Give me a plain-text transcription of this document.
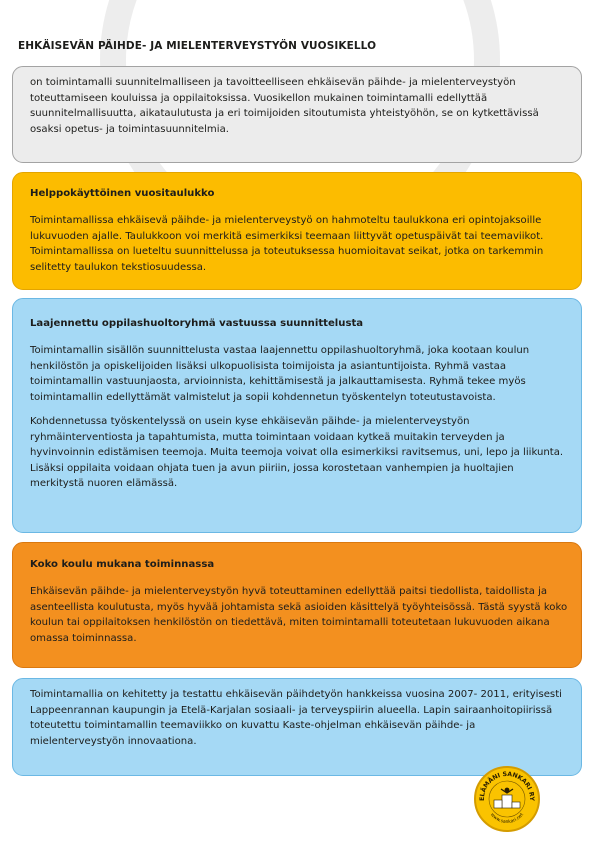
EHKÄISEVÄN PÄIHDE- JA MIELENTERVEYSTYÖN VUOSIKELLO

on toimintamalli suunnitelmalliseen ja tavoitteelliseen ehkäisevän päihde- ja mielenterveystyön toteuttamiseen kouluissa ja oppilaitoksissa. Vuosikellon mukainen toimintamalli edellyttää suunnitelmallisuutta, aikataulutusta ja eri toimijoiden sitoutumista yhteistyöhön, se on kytkettävissä osaksi opetus- ja toimintasuunnitelmia.

Helppokäyttöinen vuositaulukko

Toimintamallissa ehkäisevä päihde- ja mielenterveystyö on hahmoteltu taulukkona eri opintojaksoille lukuvuoden ajalle. Taulukkoon voi merkitä esimerkiksi teemaan liittyvät opetuspäivät tai teemaviikot. Toimintamallissa on lueteltu suunnittelussa ja toteutuksessa huomioitavat seikat, jotka on tarkemmin selitetty taulukon tekstiosuudessa.

Laajennettu oppilashuoltoryhmä vastuussa suunnittelusta

Toimintamallin sisällön suunnittelusta vastaa laajennettu oppilashuoltoryhmä, joka kootaan koulun henkilöstön ja opiskelijoiden lisäksi ulkopuolisista toimijoista ja asiantuntijoista. Ryhmä vastaa toimintamallin vastuunjaosta, arvioinnista, kehittämisestä ja jalkauttamisesta. Ryhmä tekee myös toimintamallin edellyttämät valmistelut ja sopii kohdennetun työskentelyn toteutustavoista.

Kohdennetussa työskentelyssä on usein kyse ehkäisevän päihde- ja mielenterveystyön ryhmäinterventiosta ja tapahtumista, mutta toimintaan voidaan kytkeä muitakin terveyden ja hyvinvoinnin edistämisen teemoja. Muita teemoja voivat olla esimerkiksi ravitsemus, uni, lepo ja liikunta. Lisäksi oppilaita voidaan ohjata tuen ja avun piiriin, jossa korostetaan vanhempien ja huoltajien merkitystä nuoren elämässä.

Koko koulu mukana toiminnassa

Ehkäisevän päihde- ja mielenterveystyön hyvä toteuttaminen edellyttää paitsi tiedollista, taidollista ja asenteellista koulutusta, myös hyvää johtamista sekä asioiden käsittelyä työyhteisössä. Tästä syystä koko koulun tai oppilaitoksen henkilöstön on tiedettävä, miten toimintamalli toteutetaan lukuvuoden aikana omassa toiminnassa.

Toimintamallia on kehitetty ja testattu ehkäisevän päihdetyön hankkeissa vuosina 2007- 2011, erityisesti Lappeenrannan kaupungin ja Etelä-Karjalan sosiaali- ja terveyspiirin alueella. Lapin sairaanhoitopiirissä toteutettu toimintamallin teemaviikko on kuvattu Kaste-ohjelman ehkäisevän päihde- ja mielenterveystyön innovaationa.

ELÄMÄNI SANKARI RY
www.sankari.net
